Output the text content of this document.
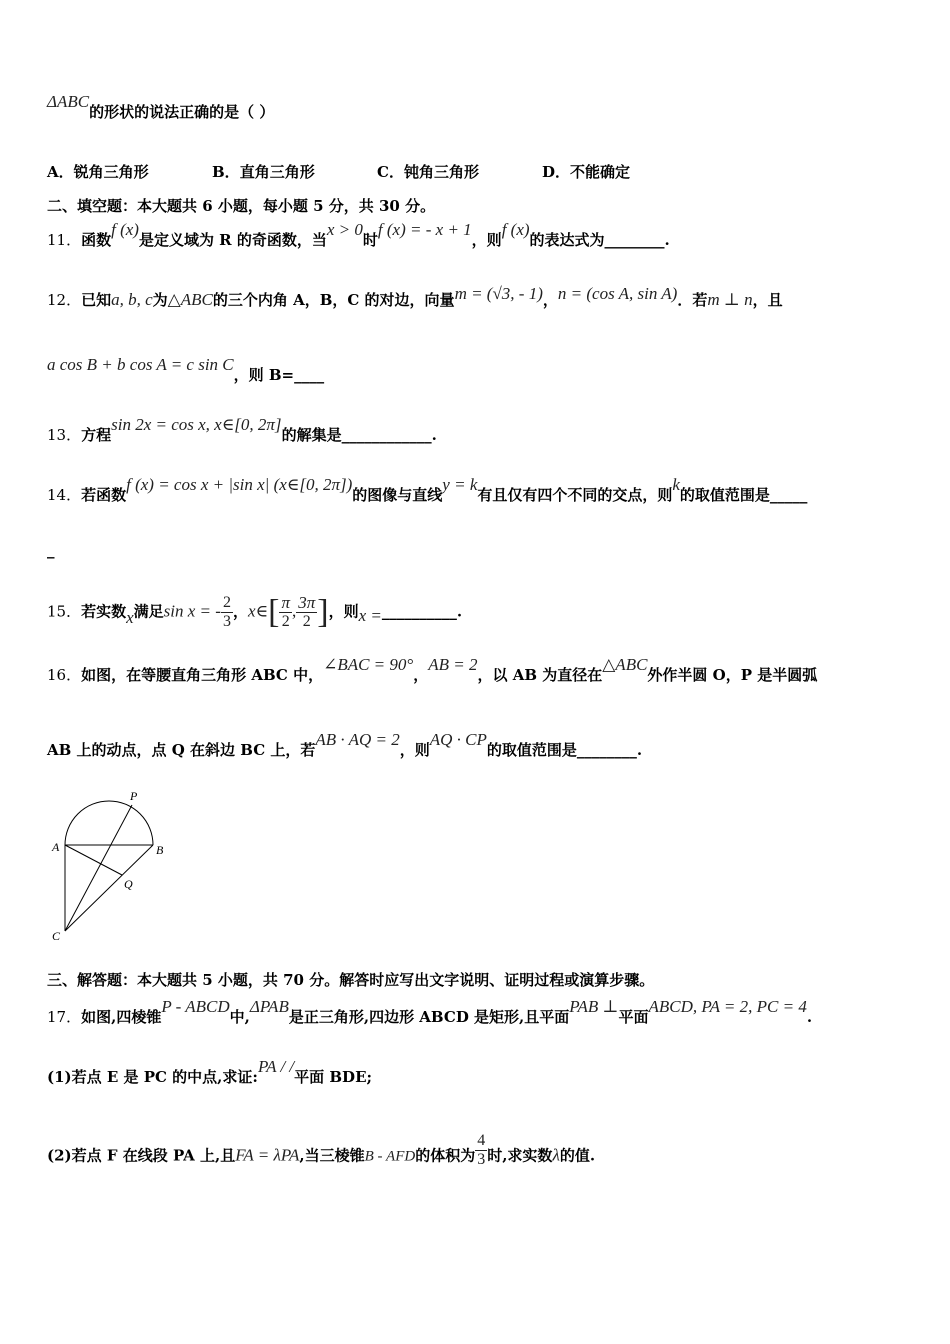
ΔABC的形状的说法正确的是（ ）
A．锐角三角形	B．直角三角形	C．钝角三角形	D．不能确定
二、填空题：本大题共 6 小题，每小题 5 分，共 30 分。
11．函数f (x)是定义域为 R 的奇函数，当x > 0时f (x) = - x + 1，则f (x)的表达式为________.
12．已知a, b, c为△ABC的三个内角 A，B，C 的对边，向量m = (√3, - 1)，n = (cos A, sin A)．若m ⊥ n，且
a cos B + b cos A = c sin C，则 B=____
13．方程sin 2x = cos x, x∈[0, 2π]的解集是____________.
14．若函数f (x) = cos x + |sin x| (x∈[0, 2π])的图像与直线y = k有且仅有四个不同的交点，则k的取值范围是_____
_
15．若实数x满足sin x = - $\frac{2}{3}$ ，x∈[ $\frac{\pi}{2}$ , $\frac{3\pi}{2}$ ]，则x =__________.
16．如图，在等腰直角三角形 ABC 中，∠BAC = 90°，AB = 2，以 AB 为直径在△ABC外作半圆 O，P 是半圆弧
AB 上的动点，点 Q 在斜边 BC 上，若AB · AQ = 2，则AQ · CP的取值范围是________.
P
A	B
Q
C
三、解答题：本大题共 5 小题，共 70 分。解答时应写出文字说明、证明过程或演算步骤。
17．如图,四棱锥P - ABCD中,ΔPAB是正三角形,四边形 ABCD 是矩形,且平面PAB ⊥平面ABCD, PA = 2, PC = 4.
(1)若点 E 是 PC 的中点,求证:PA / /平面 BDE;
(2)若点 F 在线段 PA 上,且FA = λPA,当三棱锥B - AFD的体积为 $\frac{4}{3}$ 时,求实数λ的值.
